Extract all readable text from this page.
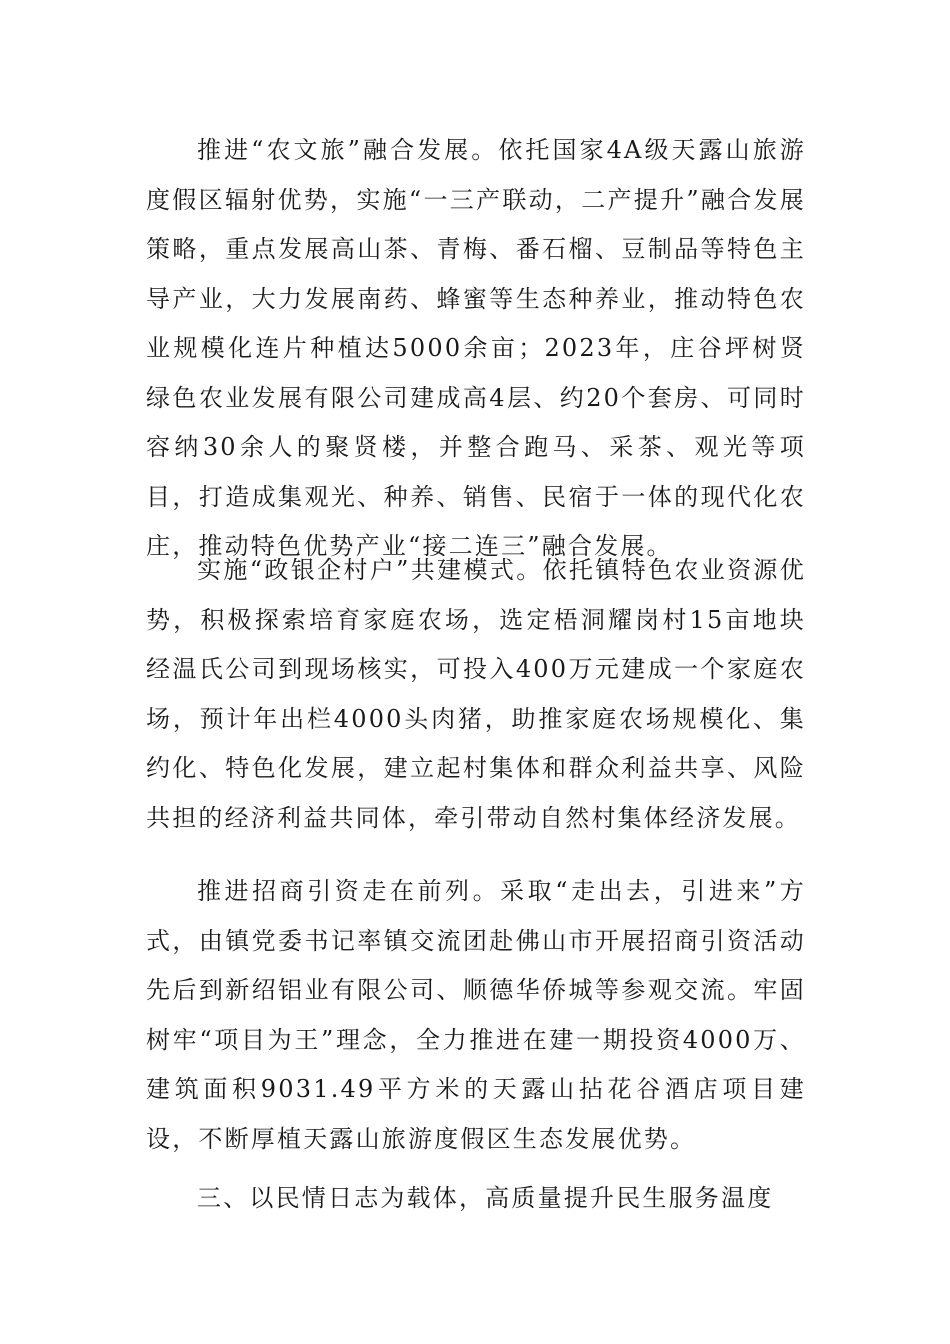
推进“农文旅”融合发展。依托国家4A级天露山旅游度假区辐射优势，实施“一三产联动，二产提升”融合发展策略，重点发展高山茶、青梅、番石榴、豆制品等特色主导产业，大力发展南药、蜂蜜等生态种养业，推动特色农业规模化连片种植达5000余亩；2023年，庄谷坪树贤绿色农业发展有限公司建成高4层、约20个套房、可同时容纳30余人的聚贤楼，并整合跑马、采茶、观光等项目，打造成集观光、种养、销售、民宿于一体的现代化农庄，推动特色优势产业“接二连三”融合发展。

实施“政银企村户”共建模式。依托镇特色农业资源优势，积极探索培育家庭农场，选定梧洞耀岗村15亩地块经温氏公司到现场核实，可投入400万元建成一个家庭农场，预计年出栏4000头肉猪，助推家庭农场规模化、集约化、特色化发展，建立起村集体和群众利益共享、风险共担的经济利益共同体，牵引带动自然村集体经济发展。

推进招商引资走在前列。采取“走出去，引进来”方式，由镇党委书记率镇交流团赴佛山市开展招商引资活动先后到新绍铝业有限公司、顺德华侨城等参观交流。牢固树牢“项目为王”理念，全力推进在建一期投资4000万、建筑面积9031.49平方米的天露山拈花谷酒店项目建设，不断厚植天露山旅游度假区生态发展优势。

三、以民情日志为载体，高质量提升民生服务温度
